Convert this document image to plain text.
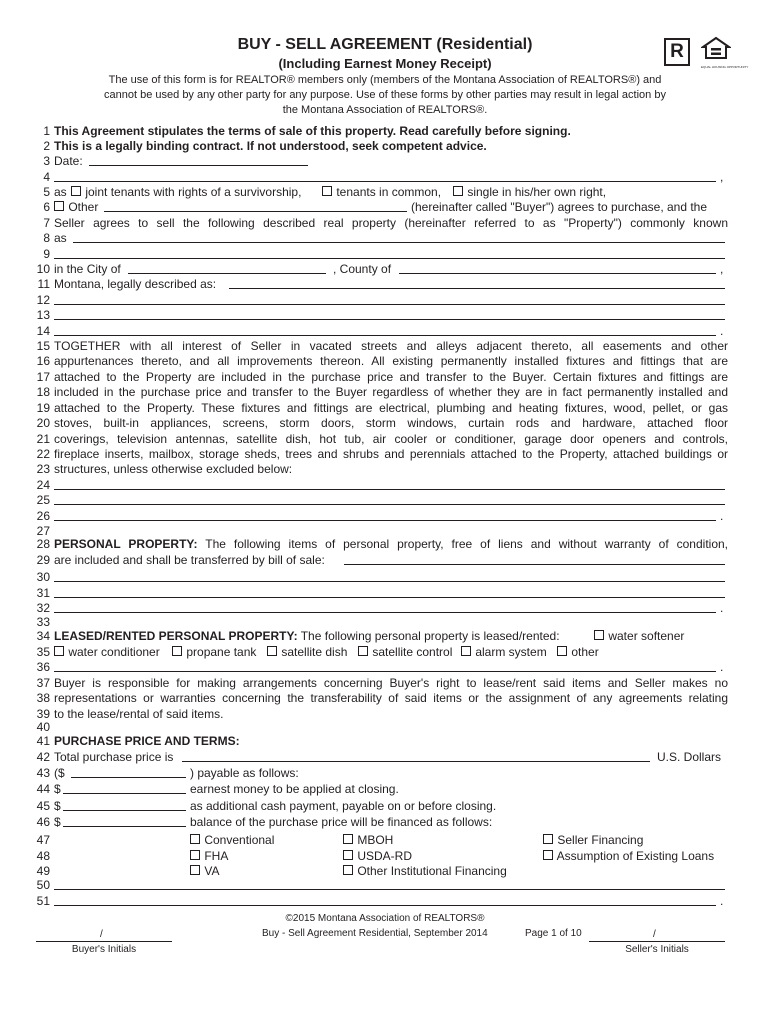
BUY - SELL AGREEMENT (Residential)
(Including Earnest Money Receipt)
The use of this form is for REALTOR® members only (members of the Montana Association of REALTORS®) and
cannot be used by any other party for any purpose. Use of these forms by other parties may result in legal action by
the Montana Association of REALTORS®.
R
EQUAL HOUSING OPPORTUNITY
1 This Agreement stipulates the terms of sale of this property. Read carefully before signing.
2 This is a legally binding contract. If not understood, seek competent advice.
3 Date:
4	,
5 as	joint tenants with rights of a survivorship,	tenants in common,	single in his/her own right,
6	Other	(hereinafter called "Buyer") agrees to purchase, and the
7 Seller agrees to sell the following described real property (hereinafter referred to as "Property") commonly known
8 as
9
10 in the City of	, County of	,
11 Montana, legally described as:
12
13
14	.
15 TOGETHER with all interest of Seller in vacated streets and alleys adjacent thereto, all easements and other
16 appurtenances thereto, and all improvements thereon. All existing permanently installed fixtures and fittings that are
17 attached to the Property are included in the purchase price and transfer to the Buyer. Certain fixtures and fittings are
18 included in the purchase price and transfer to the Buyer regardless of whether they are in fact permanently installed and
19 attached to the Property. These fixtures and fittings are electrical, plumbing and heating fixtures, wood, pellet, or gas
20 stoves, built-in appliances, screens, storm doors, storm windows, curtain rods and hardware, attached floor
21 coverings, television antennas, satellite dish, hot tub, air cooler or conditioner, garage door openers and controls,
22 fireplace inserts, mailbox, storage sheds, trees and shrubs and perennials attached to the Property, attached buildings or
23 structures, unless otherwise excluded below:
24
25
26	.
27
28 PERSONAL PROPERTY: The following items of personal property, free of liens and without warranty of condition,
29 are included and shall be transferred by bill of sale:
30
31
32	.
33
34 LEASED/RENTED PERSONAL PROPERTY: The following personal property is leased/rented:	water softener
35	water conditioner	propane tank	satellite dish	satellite control	alarm system	other
36	.
37 Buyer is responsible for making arrangements concerning Buyer's right to lease/rent said items and Seller makes no
38 representations or warranties concerning the transferability of said items or the assignment of any agreements relating
39 to the lease/rental of said items.
40
41 PURCHASE PRICE AND TERMS:
42 Total purchase price is	U.S. Dollars
43 ($	) payable as follows:
44 $	earnest money to be applied at closing.
45 $	as additional cash payment, payable on or before closing.
46 $	balance of the purchase price will be financed as follows:
47	Conventional	MBOH	Seller Financing
48	FHA	USDA-RD	Assumption of Existing Loans
49	VA	Other Institutional Financing
50
51	.
©2015 Montana Association of REALTORS®
Buy - Sell Agreement Residential, September 2014	Page 1 of 10
/
Buyer's Initials
/
Seller's Initials
